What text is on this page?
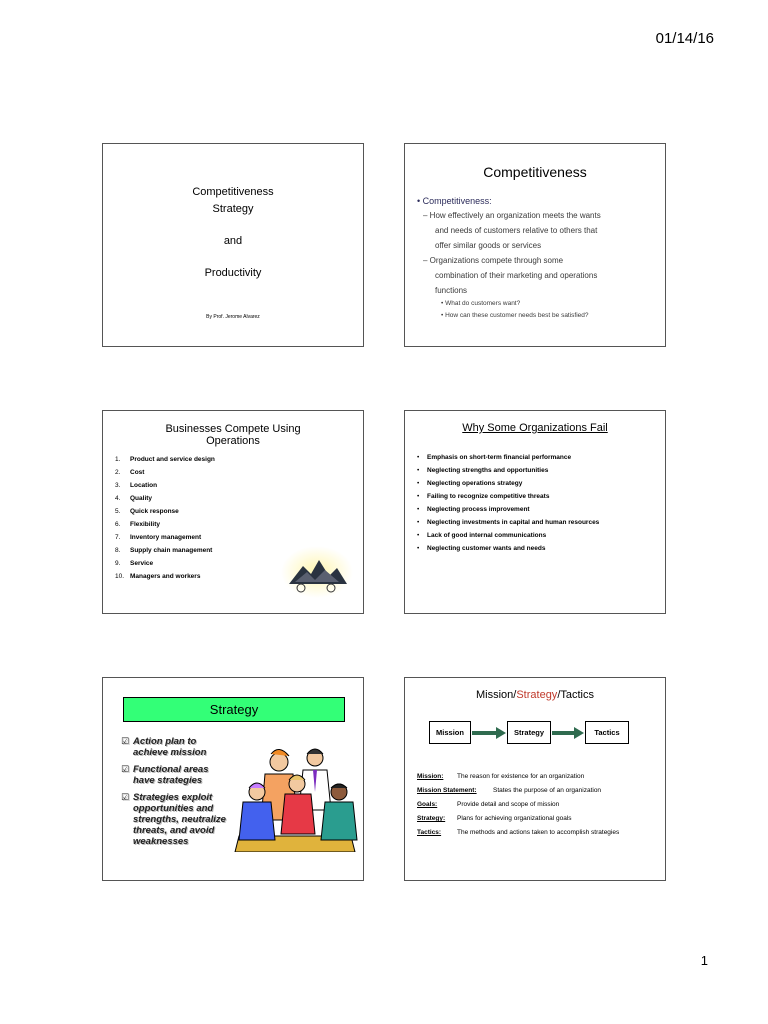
01/14/16
Competitiveness
Strategy
and
Productivity
By Prof. Jerome Alvarez
Competitiveness
• Competitiveness:
– How effectively an organization meets the wants
and needs of customers relative to others that
offer similar goods or services
– Organizations compete through some
combination of their marketing and operations
functions
• What do customers want?
• How can these customer needs best be satisfied?
Businesses Compete Using
Operations
1. Product and service design
2. Cost
3. Location
4. Quality
5. Quick response
6. Flexibility
7. Inventory management
8. Supply chain management
9. Service
10. Managers and workers
Why Some Organizations Fail
• Emphasis on short-term financial performance
• Neglecting strengths and opportunities
• Neglecting operations strategy
• Failing to recognize competitive threats
• Neglecting process improvement
• Neglecting investments in capital and human resources
• Lack of good internal communications
• Neglecting customer wants and needs
Strategy
☑ Action plan to
achieve mission
☑ Functional areas
have strategies
☑ Strategies exploit
opportunities and
strengths, neutralize
threats, and avoid
weaknesses
Mission/Strategy/Tactics
Mission	Strategy	Tactics
Mission: The reason for existence for an organization
Mission Statement:	States the purpose of an organization
Goals:	Provide detail and scope of mission
Strategy: Plans for achieving organizational goals
Tactics: The methods and actions taken to accomplish strategies
1
